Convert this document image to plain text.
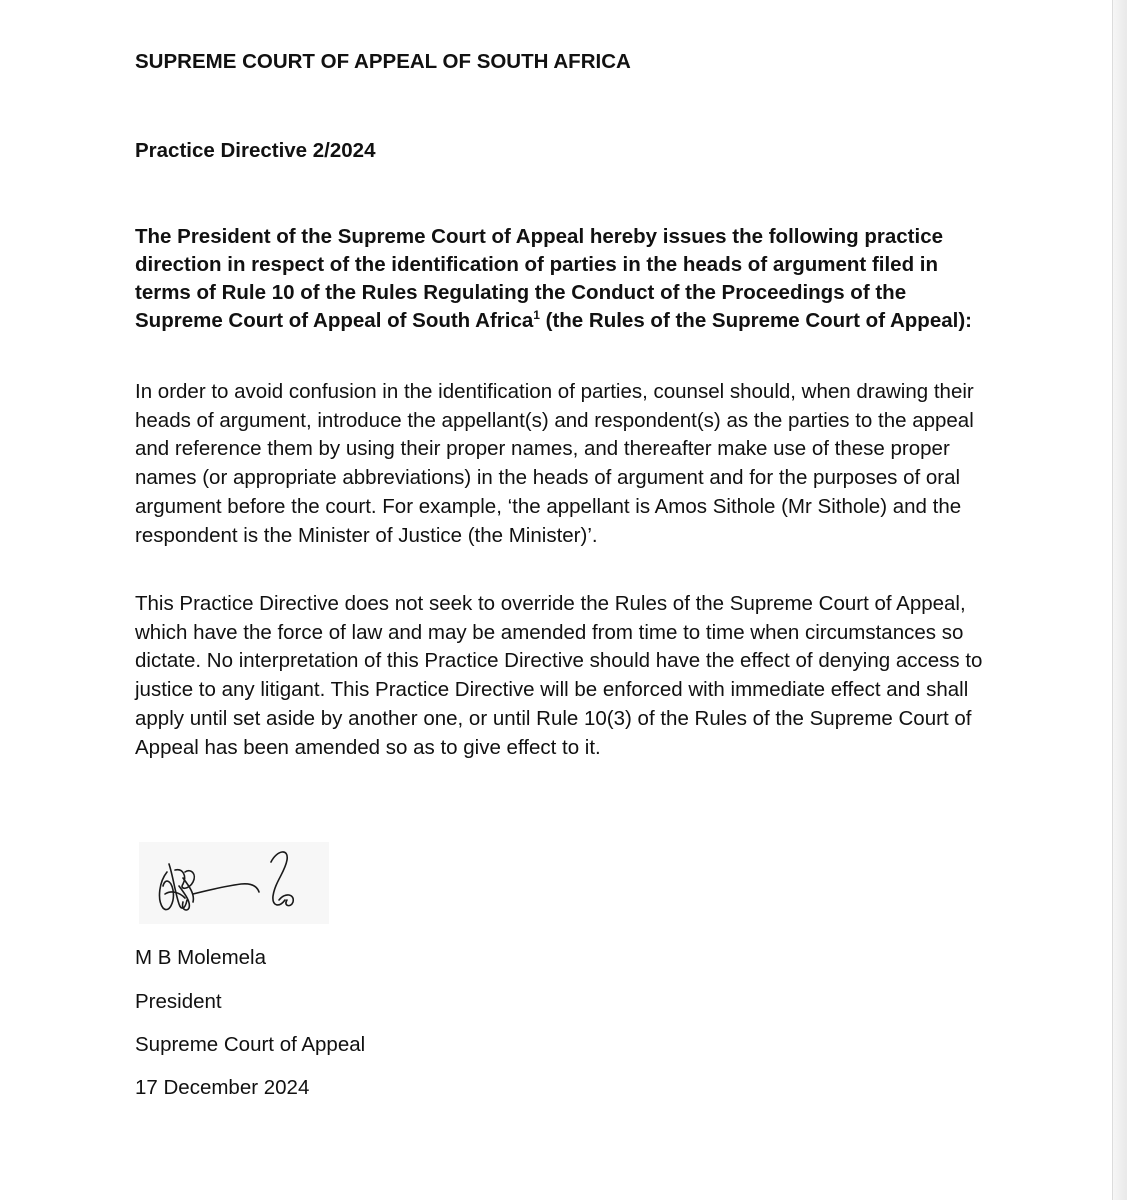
SUPREME COURT OF APPEAL OF SOUTH AFRICA
Practice Directive 2/2024

The President of the Supreme Court of Appeal hereby issues the following practice direction in respect of the identification of parties in the heads of argument filed in terms of Rule 10 of the Rules Regulating the Conduct of the Proceedings of the Supreme Court of Appeal of South Africa$^1$ (the Rules of the Supreme Court of Appeal):

In order to avoid confusion in the identification of parties, counsel should, when drawing their heads of argument, introduce the appellant(s) and respondent(s) as the parties to the appeal and reference them by using their proper names, and thereafter make use of these proper names (or appropriate abbreviations) in the heads of argument and for the purposes of oral argument before the court. For example, ‘the appellant is Amos Sithole (Mr Sithole) and the respondent is the Minister of Justice (the Minister)’.

This Practice Directive does not seek to override the Rules of the Supreme Court of Appeal, which have the force of law and may be amended from time to time when circumstances so dictate. No interpretation of this Practice Directive should have the effect of denying access to justice to any litigant. This Practice Directive will be enforced with immediate effect and shall apply until set aside by another one, or until Rule 10(3) of the Rules of the Supreme Court of Appeal has been amended so as to give effect to it.

M B Molemela

President

Supreme Court of Appeal

17 December 2024
